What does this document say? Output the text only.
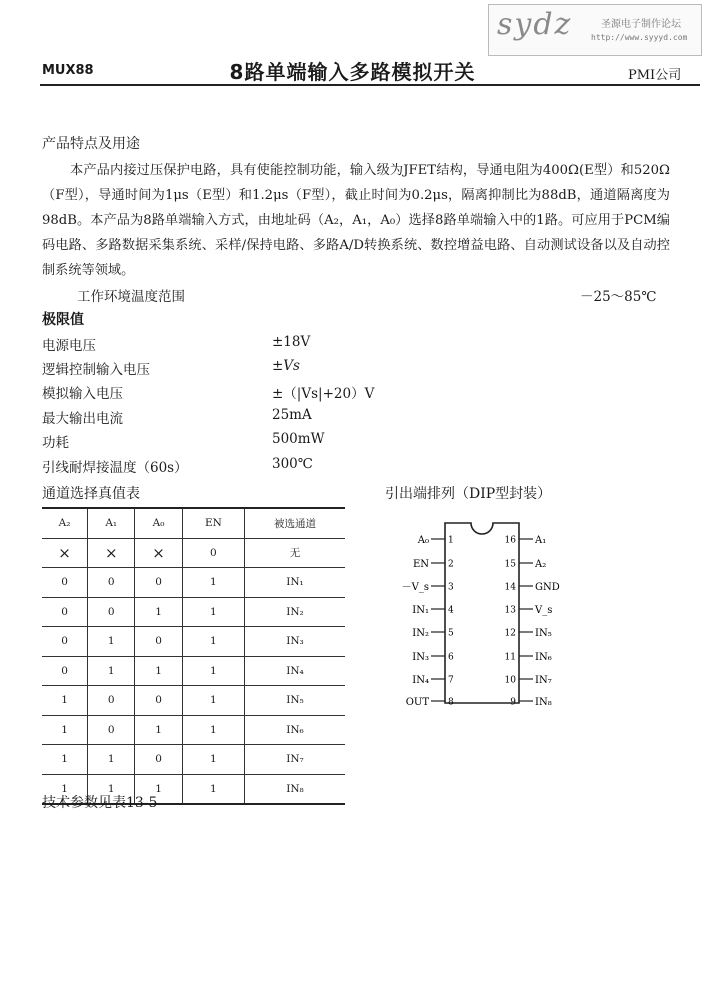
sydz	圣源电子制作论坛
http://www.syyyd.com
MUX88	8路单端输入多路模拟开关	PMI公司
产品特点及用途
本产品内接过压保护电路，具有使能控制功能，输入级为JFET结构，导通电阻为400Ω(E型）和520Ω（F型），导通时间为1μs（E型）和1.2μs（F型），截止时间为0.2μs，隔离抑制比为88dB，通道隔离度为98dB。本产品为8路单端输入方式，由地址码（A₂，A₁，A₀）选择8路单端输入中的1路。可应用于PCM编码电路、多路数据采集系统、采样/保持电路、多路A/D转换系统、数控增益电路、自动测试设备以及自动控制系统等领域。
工作环境温度范围	－25～85℃
极限值
电源电压	±18V
逻辑控制输入电压	±Vs
模拟输入电压	±（|Vs|+20）V
最大输出电流	25mA
功耗	500mW
引线耐焊接温度（60s）	300℃
通道选择真值表
A₂	A₁	A₀	EN	被选通道
×	×	×	0	无
0	0	0	1	IN₁
0	0	1	1	IN₂
0	1	0	1	IN₃
0	1	1	1	IN₄
1	0	0	1	IN₅
1	0	1	1	IN₆
1	1	0	1	IN₇
1	1	1	1	IN₈
引出端排列（DIP型封装）
1
2
3
4
5
6
7
8
A₀
EN
－V_s
IN₁
IN₂
IN₃
IN₄
OUT
16
15
14
13
12
11
10
9
A₁
A₂
GND
V_s
IN₅
IN₆
IN₇
IN₈
技术参数见表13-5
